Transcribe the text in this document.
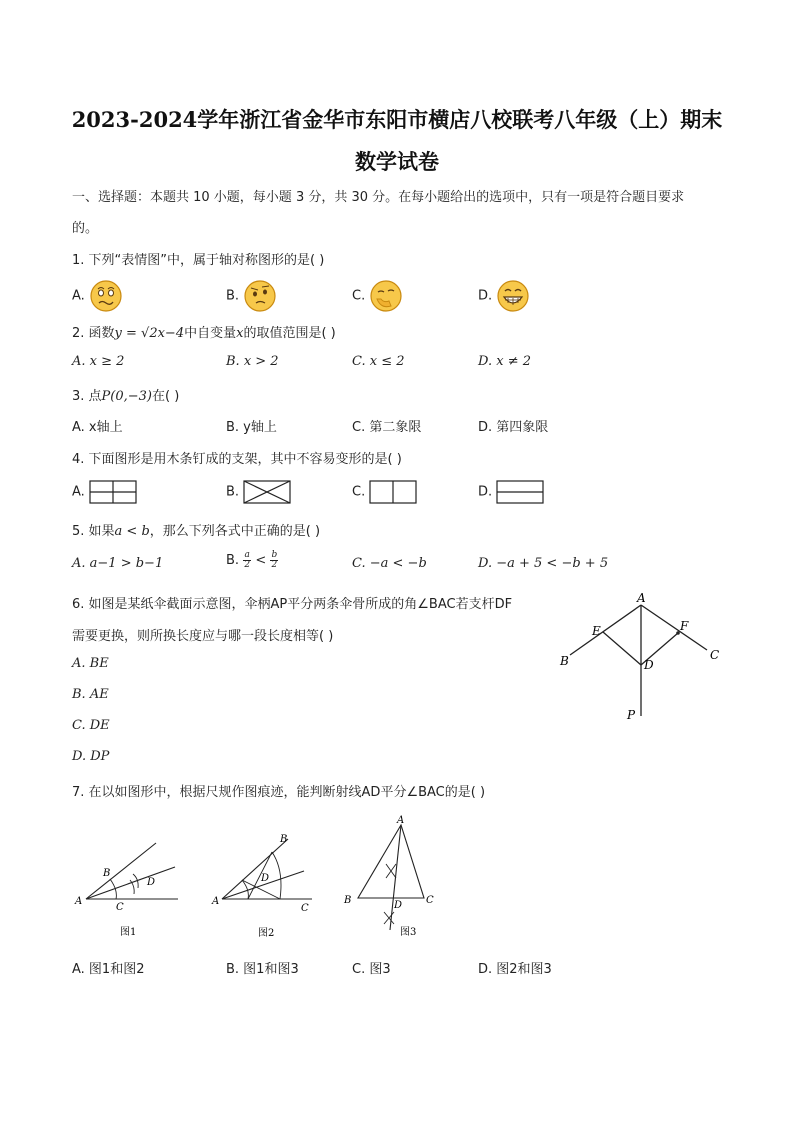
2023-2024学年浙江省金华市东阳市横店八校联考八年级（上）期末
数学试卷
一、选择题：本题共 10 小题，每小题 3 分，共 30 分。在每小题给出的选项中，只有一项是符合题目要求
的。
1. 下列“表情图”中，属于轴对称图形的是( )
A.	B.	C.	D.
2. 函数y = √2x−4中自变量x的取值范围是( )
A. x ≥ 2	B. x > 2	C. x ≤ 2	D. x ≠ 2
3. 点P(0,−3)在( )
A. x轴上	B. y轴上	C. 第二象限	D. 第四象限
4. 下面图形是用木条钉成的支架，其中不容易变形的是( )
A.	B.	C.	D.
5. 如果a < b，那么下列各式中正确的是( )
A. a−1 > b−1	B. $\frac{a}{2} < \frac{b}{2}$	C. −a < −b	D. −a + 5 < −b + 5
6. 如图是某纸伞截面示意图，伞柄AP平分两条伞骨所成的角∠BAC若支杆DF
需要更换，则所换长度应与哪一段长度相等( )
A. BE
B. AE
C. DE
D. DP
A
E	F
B	D
C
P
7. 在以如图形中，根据尺规作图痕迹，能判断射线AD平分∠BAC的是( )
A
B
D
C
图1
A
B
D
C
图2
A
B	D C
图3
A. 图1和图2	B. 图1和图3	C. 图3	D. 图2和图3
